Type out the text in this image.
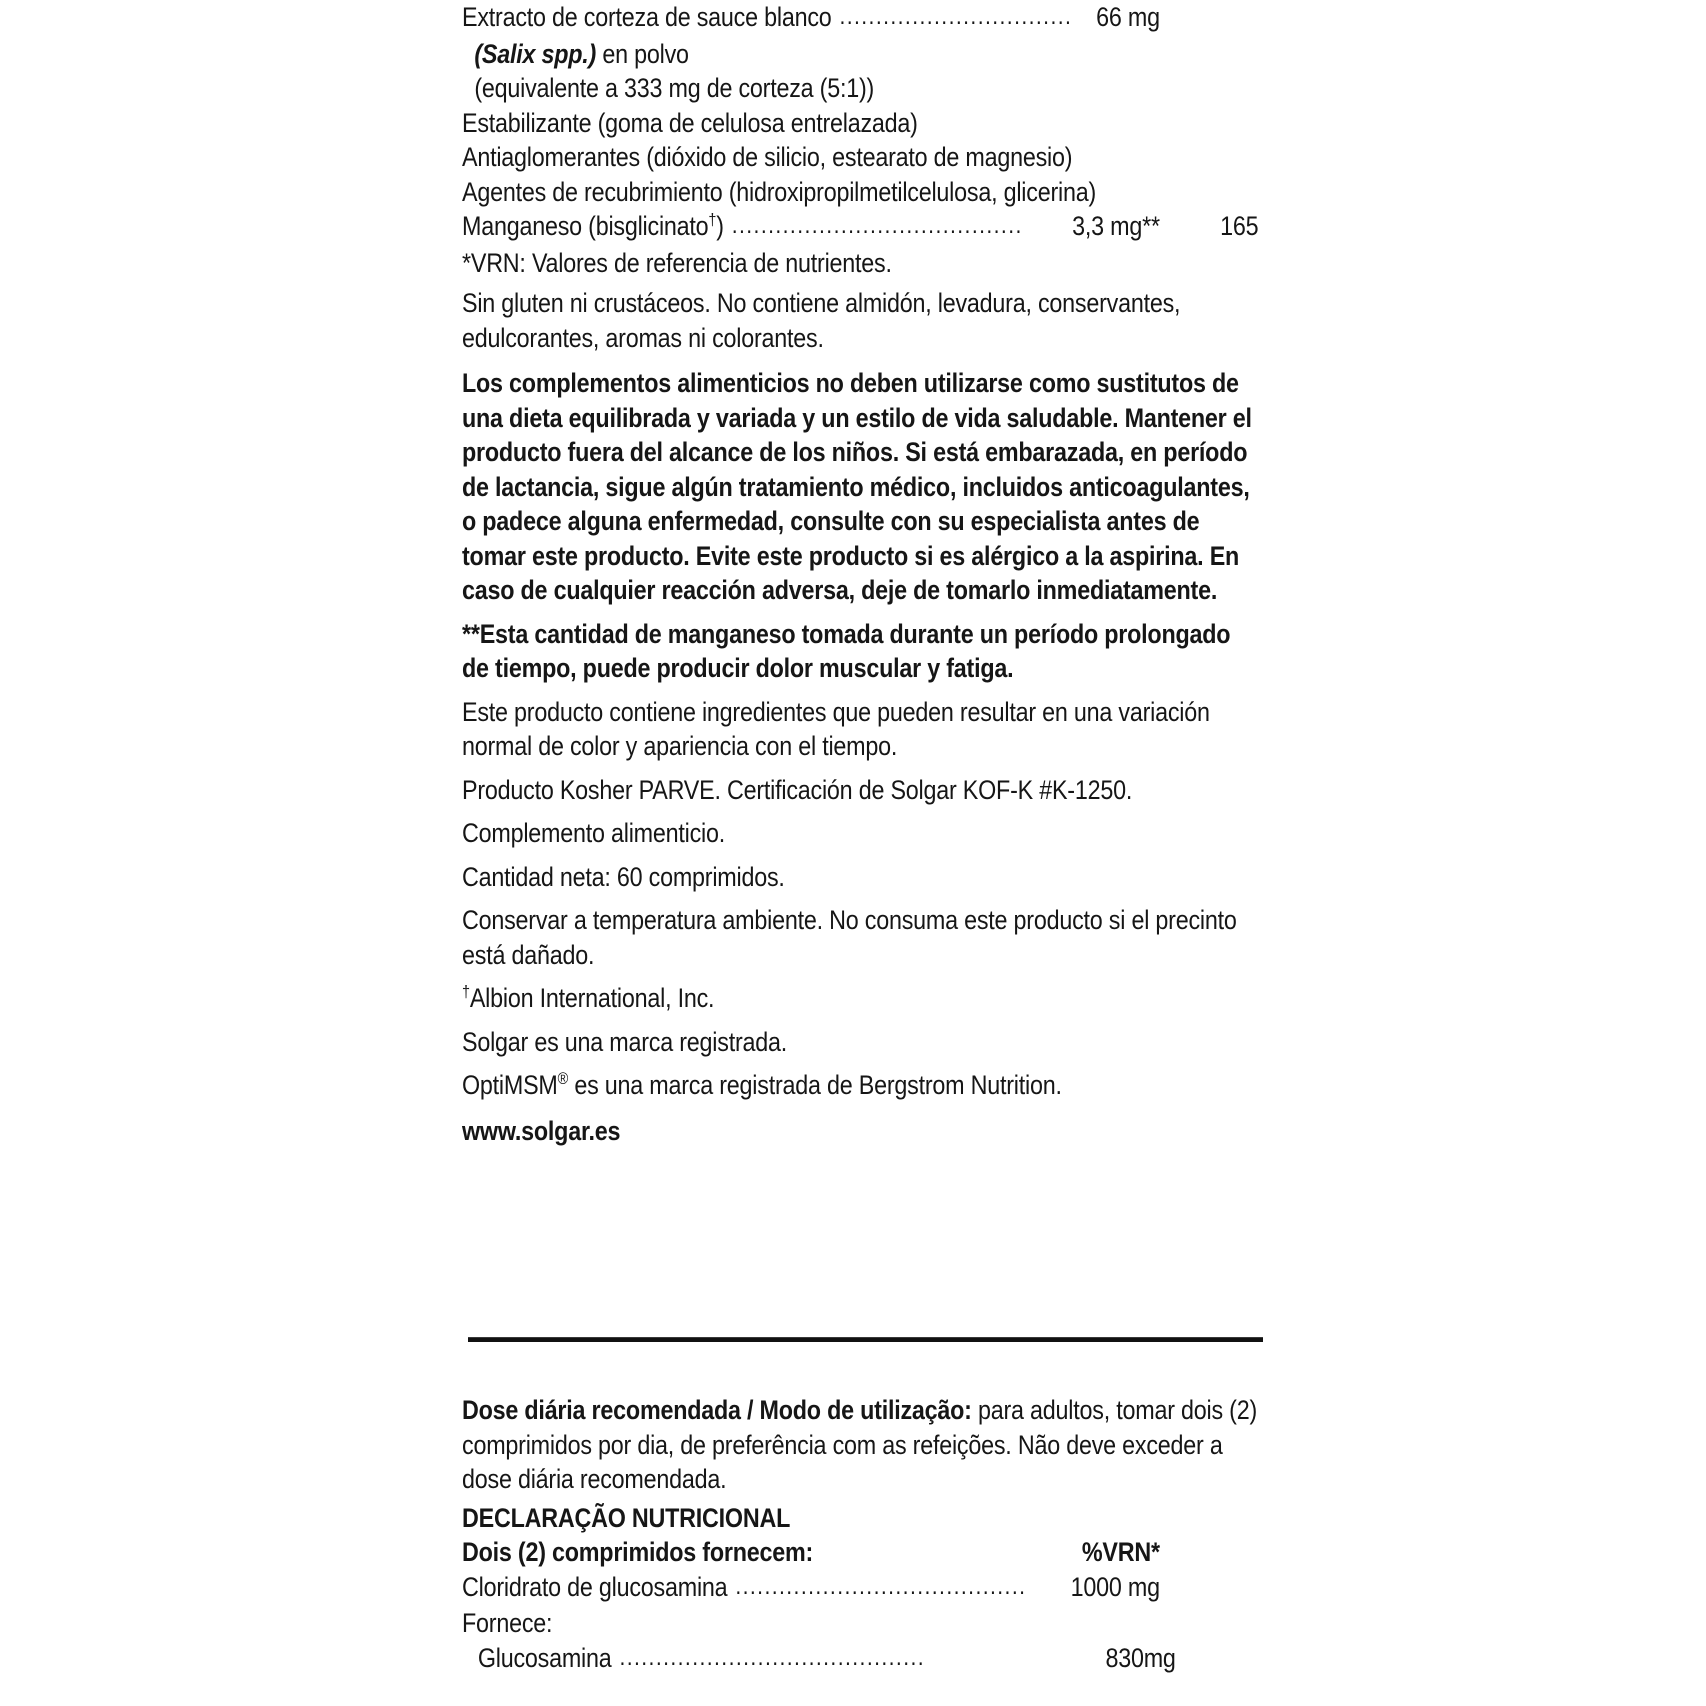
Extracto de corteza de sauce blanco ................................ 66 mg
(Salix spp.) en polvo
(equivalente a 333 mg de corteza (5:1))
Estabilizante (goma de celulosa entrelazada)
Antiaglomerantes (dióxido de silicio, estearato de magnesio)
Agentes de recubrimiento (hidroxipropilmetilcelulosa, glicerina)
Manganeso (bisglicinato†) ........................................	3,3 mg**	165
*VRN: Valores de referencia de nutrientes.
Sin gluten ni crustáceos. No contiene almidón, levadura, conservantes, edulcorantes, aromas ni colorantes.
Los complementos alimenticios no deben utilizarse como sustitutos de una dieta equilibrada y variada y un estilo de vida saludable. Mantener el producto fuera del alcance de los niños. Si está embarazada, en período de lactancia, sigue algún tratamiento médico, incluidos anticoagulantes, o padece alguna enfermedad, consulte con su especialista antes de tomar este producto. Evite este producto si es alérgico a la aspirina. En caso de cualquier reacción adversa, deje de tomarlo inmediatamente.
**Esta cantidad de manganeso tomada durante un período prolongado de tiempo, puede producir dolor muscular y fatiga.
Este producto contiene ingredientes que pueden resultar en una variación normal de color y apariencia con el tiempo.
Producto Kosher PARVE. Certificación de Solgar KOF-K #K-1250.
Complemento alimenticio.
Cantidad neta: 60 comprimidos.
Conservar a temperatura ambiente. No consuma este producto si el precinto está dañado.
†Albion International, Inc.
Solgar es una marca registrada.
OptiMSM® es una marca registrada de Bergstrom Nutrition.
www.solgar.es
Dose diária recomendada / Modo de utilização: para adultos, tomar dois (2) comprimidos por dia, de preferência com as refeições. Não deve exceder a dose diária recomendada.
DECLARAÇÃO NUTRICIONAL
Dois (2) comprimidos fornecem:	%VRN*
Cloridrato de glucosamina ........................................	1000 mg
Fornece:
Glucosamina ..........................................	830mg
